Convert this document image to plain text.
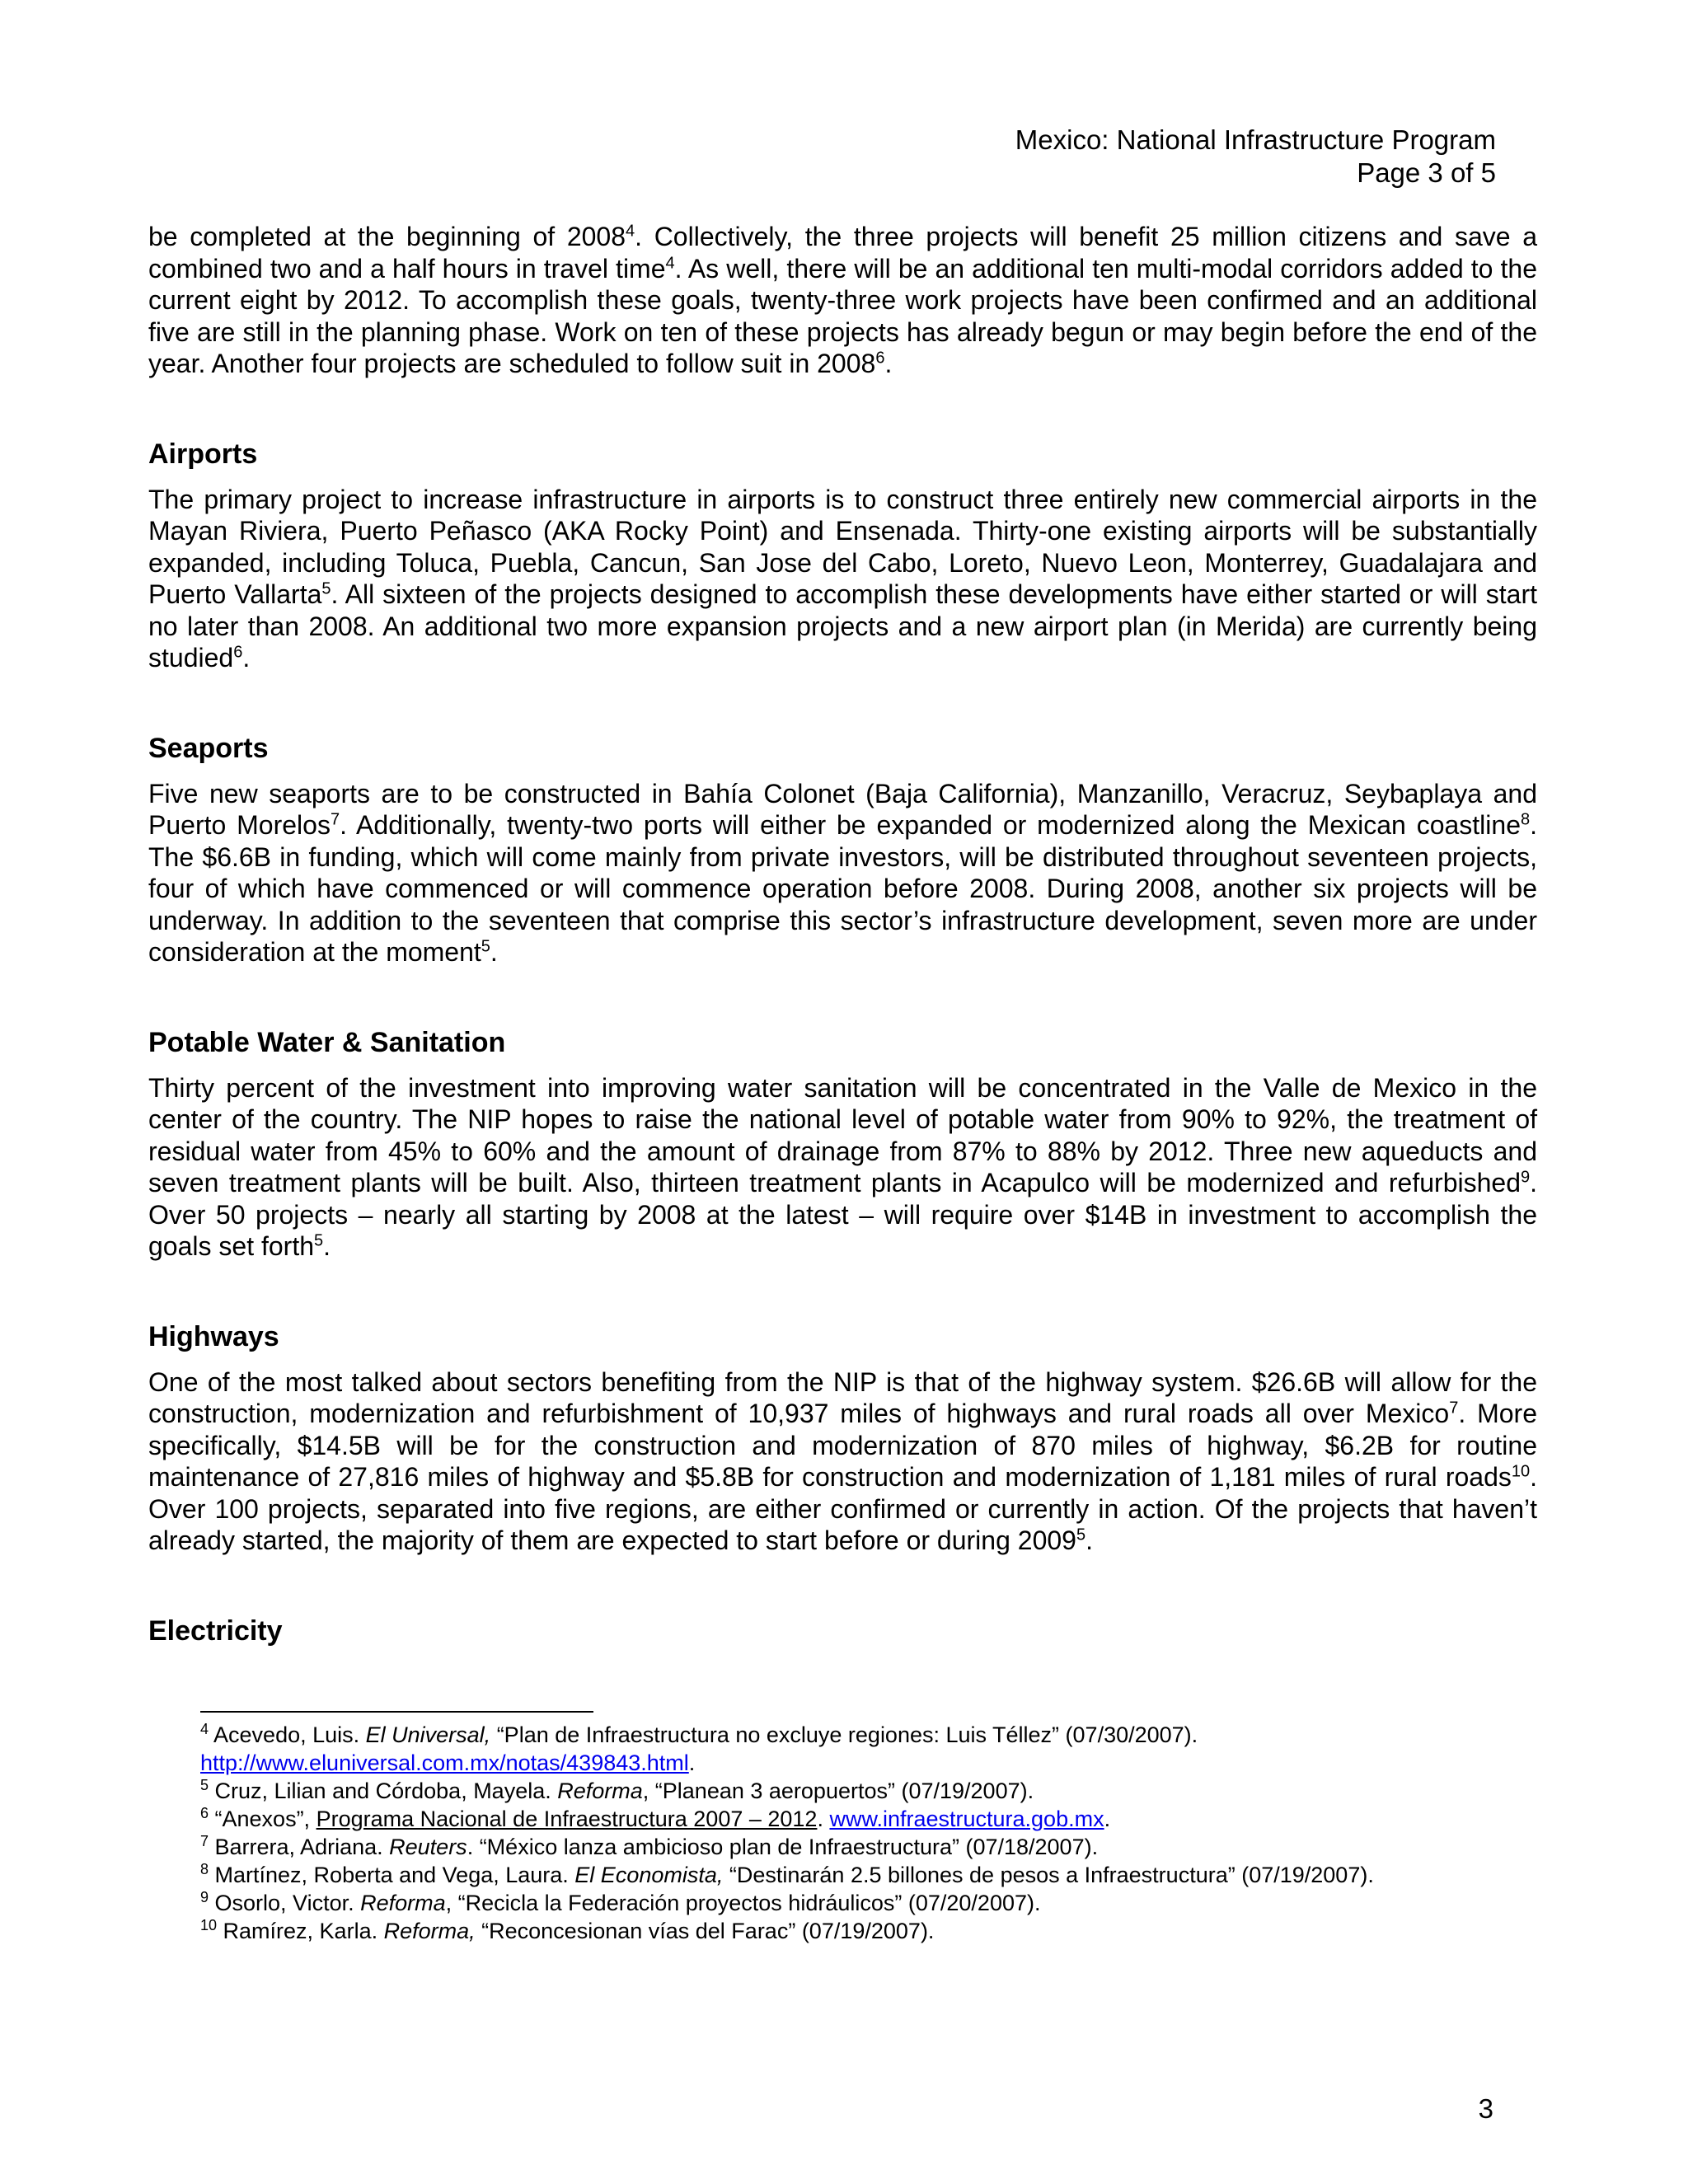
Mexico: National Infrastructure Program
Page 3 of 5

be completed at the beginning of 2008$^4$. Collectively, the three projects will benefit 25 million citizens and save a combined two and a half hours in travel time$^4$. As well, there will be an additional ten multi-modal corridors added to the current eight by 2012. To accomplish these goals, twenty-three work projects have been confirmed and an additional five are still in the planning phase. Work on ten of these projects has already begun or may begin before the end of the year. Another four projects are scheduled to follow suit in 2008$^6$.

Airports

The primary project to increase infrastructure in airports is to construct three entirely new commercial airports in the Mayan Riviera, Puerto Peñasco (AKA Rocky Point) and Ensenada. Thirty-one existing airports will be substantially expanded, including Toluca, Puebla, Cancun, San Jose del Cabo, Loreto, Nuevo Leon, Monterrey, Guadalajara and Puerto Vallarta$^5$. All sixteen of the projects designed to accomplish these developments have either started or will start no later than 2008. An additional two more expansion projects and a new airport plan (in Merida) are currently being studied$^6$.

Seaports

Five new seaports are to be constructed in Bahía Colonet (Baja California), Manzanillo, Veracruz, Seybaplaya and Puerto Morelos$^7$. Additionally, twenty-two ports will either be expanded or modernized along the Mexican coastline$^8$. The $6.6B in funding, which will come mainly from private investors, will be distributed throughout seventeen projects, four of which have commenced or will commence operation before 2008. During 2008, another six projects will be underway. In addition to the seventeen that comprise this sector’s infrastructure development, seven more are under consideration at the moment$^5$.

Potable Water & Sanitation

Thirty percent of the investment into improving water sanitation will be concentrated in the Valle de Mexico in the center of the country. The NIP hopes to raise the national level of potable water from 90% to 92%, the treatment of residual water from 45% to 60% and the amount of drainage from 87% to 88% by 2012. Three new aqueducts and seven treatment plants will be built. Also, thirteen treatment plants in Acapulco will be modernized and refurbished$^9$. Over 50 projects – nearly all starting by 2008 at the latest – will require over $14B in investment to accomplish the goals set forth$^5$.

Highways

One of the most talked about sectors benefiting from the NIP is that of the highway system. $26.6B will allow for the construction, modernization and refurbishment of 10,937 miles of highways and rural roads all over Mexico$^7$. More specifically, $14.5B will be for the construction and modernization of 870 miles of highway, $6.2B for routine maintenance of 27,816 miles of highway and $5.8B for construction and modernization of 1,181 miles of rural roads$^{10}$. Over 100 projects, separated into five regions, are either confirmed or currently in action. Of the projects that haven’t already started, the majority of them are expected to start before or during 2009$^5$.

Electricity

$^4$ Acevedo, Luis. El Universal, “Plan de Infraestructura no excluye regiones: Luis Téllez” (07/30/2007).
http://www.eluniversal.com.mx/notas/439843.html.

$^5$ Cruz, Lilian and Córdoba, Mayela. Reforma, “Planean 3 aeropuertos” (07/19/2007).

$^6$ “Anexos”, Programa Nacional de Infraestructura 2007 – 2012. www.infraestructura.gob.mx.

$^7$ Barrera, Adriana. Reuters. “México lanza ambicioso plan de Infraestructura” (07/18/2007).

$^8$ Martínez, Roberta and Vega, Laura. El Economista, “Destinarán 2.5 billones de pesos a Infraestructura” (07/19/2007).

$^9$ Osorlo, Victor. Reforma, “Recicla la Federación proyectos hidráulicos” (07/20/2007).

$^{10}$ Ramírez, Karla. Reforma, “Reconcesionan vías del Farac” (07/19/2007).

3
